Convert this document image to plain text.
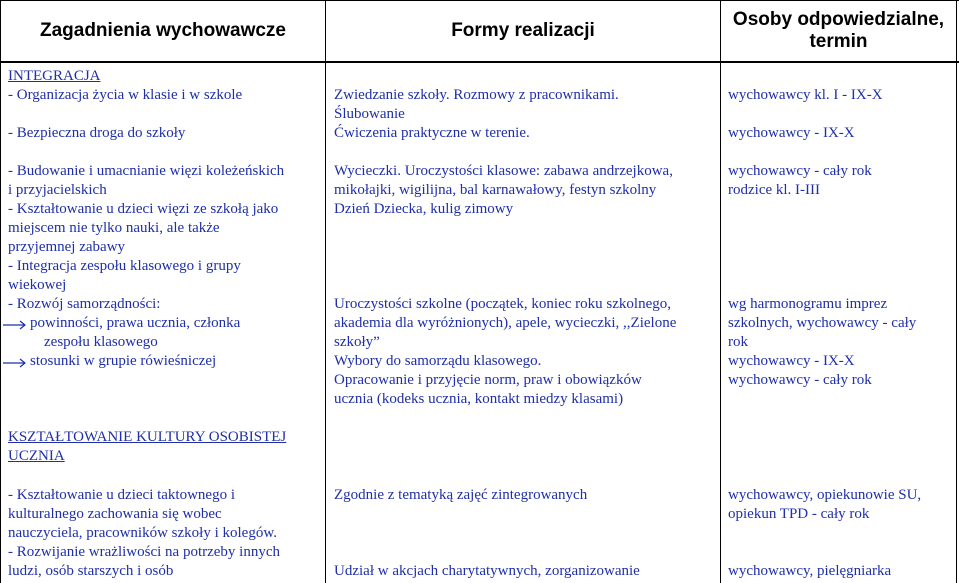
Zagadnienia wychowawcze	Formy realizacji
Osoby odpowiedzialne,
termin
INTEGRACJA
- Organizacja życia w klasie i w szkole
- Bezpieczna droga do szkoły
Zwiedzanie szkoły. Rozmowy z pracownikami.
Ślubowanie
Ćwiczenia praktyczne w terenie.
wychowawcy kl. I - IX-X
wychowawcy - IX-X
- Budowanie i umacnianie więzi koleżeńskich
i przyjacielskich
- Kształtowanie u dzieci więzi ze szkołą jako
miejscem nie tylko nauki, ale także
przyjemnej zabawy
- Integracja zespołu klasowego i grupy
wiekowej
- Rozwój samorządności:
powinności, prawa ucznia, członka
zespołu klasowego
stosunki w grupie rówieśniczej
Wycieczki. Uroczystości klasowe: zabawa andrzejkowa,
mikołajki, wigilijna, bal karnawałowy, festyn szkolny
Dzień Dziecka, kulig zimowy
Uroczystości szkolne (początek, koniec roku szkolnego,
akademia dla wyróżnionych), apele, wycieczki, ,,Zielone
szkoły”
Wybory do samorządu klasowego.
Opracowanie i przyjęcie norm, praw i obowiązków
ucznia (kodeks ucznia, kontakt miedzy klasami)
wychowawcy - cały rok
rodzice kl. I-III
wg harmonogramu imprez
szkolnych, wychowawcy - cały
rok
wychowawcy - IX-X
wychowawcy - cały rok
KSZTAŁTOWANIE KULTURY OSOBISTEJ
UCZNIA
- Kształtowanie u dzieci taktownego i
kulturalnego zachowania się wobec
nauczyciela, pracowników szkoły i kolegów.
- Rozwijanie wrażliwości na potrzeby innych
ludzi, osób starszych i osób
Zgodnie z tematyką zajęć zintegrowanych
Udział w akcjach charytatywnych, zorganizowanie
wychowawcy, opiekunowie SU,
opiekun TPD - cały rok
wychowawcy, pielęgniarka
